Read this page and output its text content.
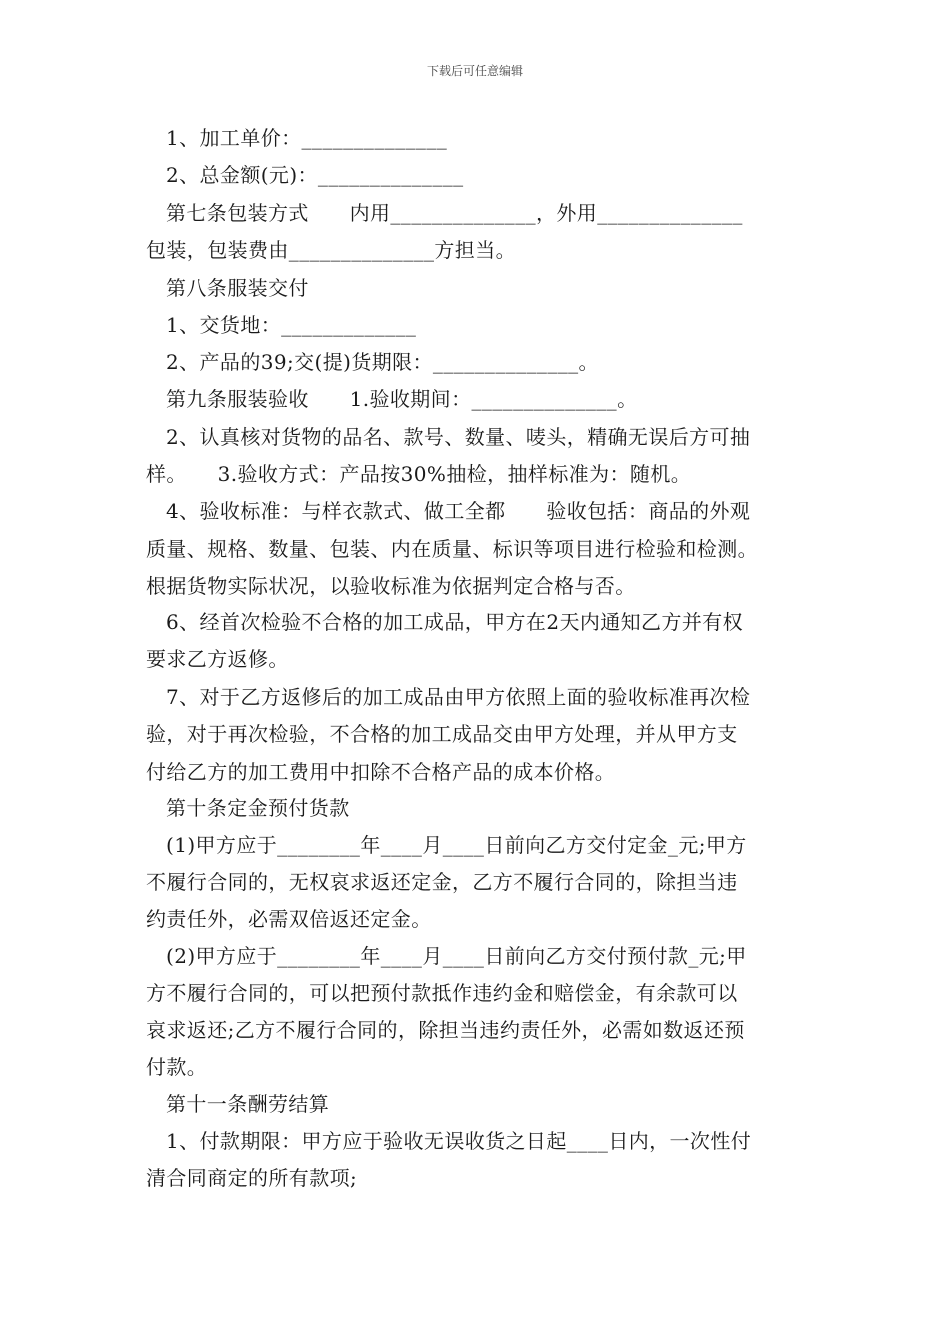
下载后可任意编辑
1、加工单价：______________
2、总金额(元)：______________
第七条包装方式　　内用______________，外用______________
包装，包装费由______________方担当。
第八条服装交付
1、交货地：_____________
2、产品的39;交(提)货期限：______________。
第九条服装验收　　1.验收期间：______________。
2、认真核对货物的品名、款号、数量、唛头，精确无误后方可抽
样。　　3.验收方式：产品按30%抽检，抽样标准为：随机。
4、验收标准：与样衣款式、做工全都　　验收包括：商品的外观
质量、规格、数量、包装、内在质量、标识等项目进行检验和检测。
根据货物实际状况，以验收标准为依据判定合格与否。
6、经首次检验不合格的加工成品，甲方在2天内通知乙方并有权
要求乙方返修。
7、对于乙方返修后的加工成品由甲方依照上面的验收标准再次检
验，对于再次检验，不合格的加工成品交由甲方处理，并从甲方支
付给乙方的加工费用中扣除不合格产品的成本价格。
第十条定金预付货款
(1)甲方应于________年____月____日前向乙方交付定金_元;甲方
不履行合同的，无权哀求返还定金，乙方不履行合同的，除担当违
约责任外，必需双倍返还定金。
(2)甲方应于________年____月____日前向乙方交付预付款_元;甲
方不履行合同的，可以把预付款抵作违约金和赔偿金，有余款可以
哀求返还;乙方不履行合同的，除担当违约责任外，必需如数返还预
付款。
第十一条酬劳结算
1、付款期限：甲方应于验收无误收货之日起____日内，一次性付
清合同商定的所有款项;
